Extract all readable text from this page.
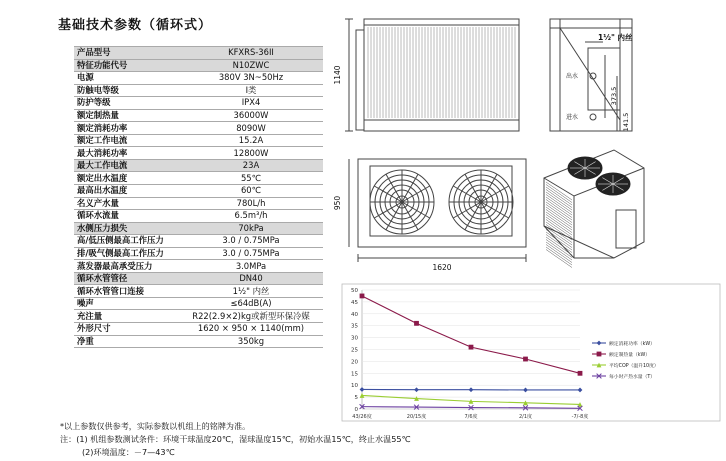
基础技术参数（循环式）
产品型号	KFXRS-36II
特征功能代号	N10ZWC
电源	380V 3N~50Hz
防触电等级	Ⅰ类
防护等级	IPX4
额定制热量	36000W
额定消耗功率	8090W
额定工作电流	15.2A
最大消耗功率	12800W
最大工作电流	23A
额定出水温度	55℃
最高出水温度	60℃
名义产水量	780L/h
循环水流量	6.5m³/h
水侧压力损失	70kPa
高/低压侧最高工作压力	3.0 / 0.75MPa
排/吸气侧最高工作压力	3.0 / 0.75MPa
蒸发器最高承受压力	3.0MPa
循环水管管径	DN40
循环水管管口连接	1½" 内丝
噪声	≤64dB(A)
充注量	R22(2.9×2)kg或新型环保冷媒
外形尺寸	1620 × 950 × 1140(mm)
净重	350kg
*以上参数仅供参考，实际参数以机组上的铭牌为准。
注：(1) 机组参数测试条件：环境干球温度20℃，湿球温度15℃，初始水温15℃，终止水温55℃
(2)环境温度：－7—43℃
1140
950
1620
1½" 内丝
出水
进水
373.5
141.5
0
5
10
15
20
25
30
35
40
45
50
43/26度	20/15度	7/6度	2/1度	-7/-8度
额定消耗功率（kW）
额定制热量（kW）
平均COP（温升10度）
每小时产热水量（T）
